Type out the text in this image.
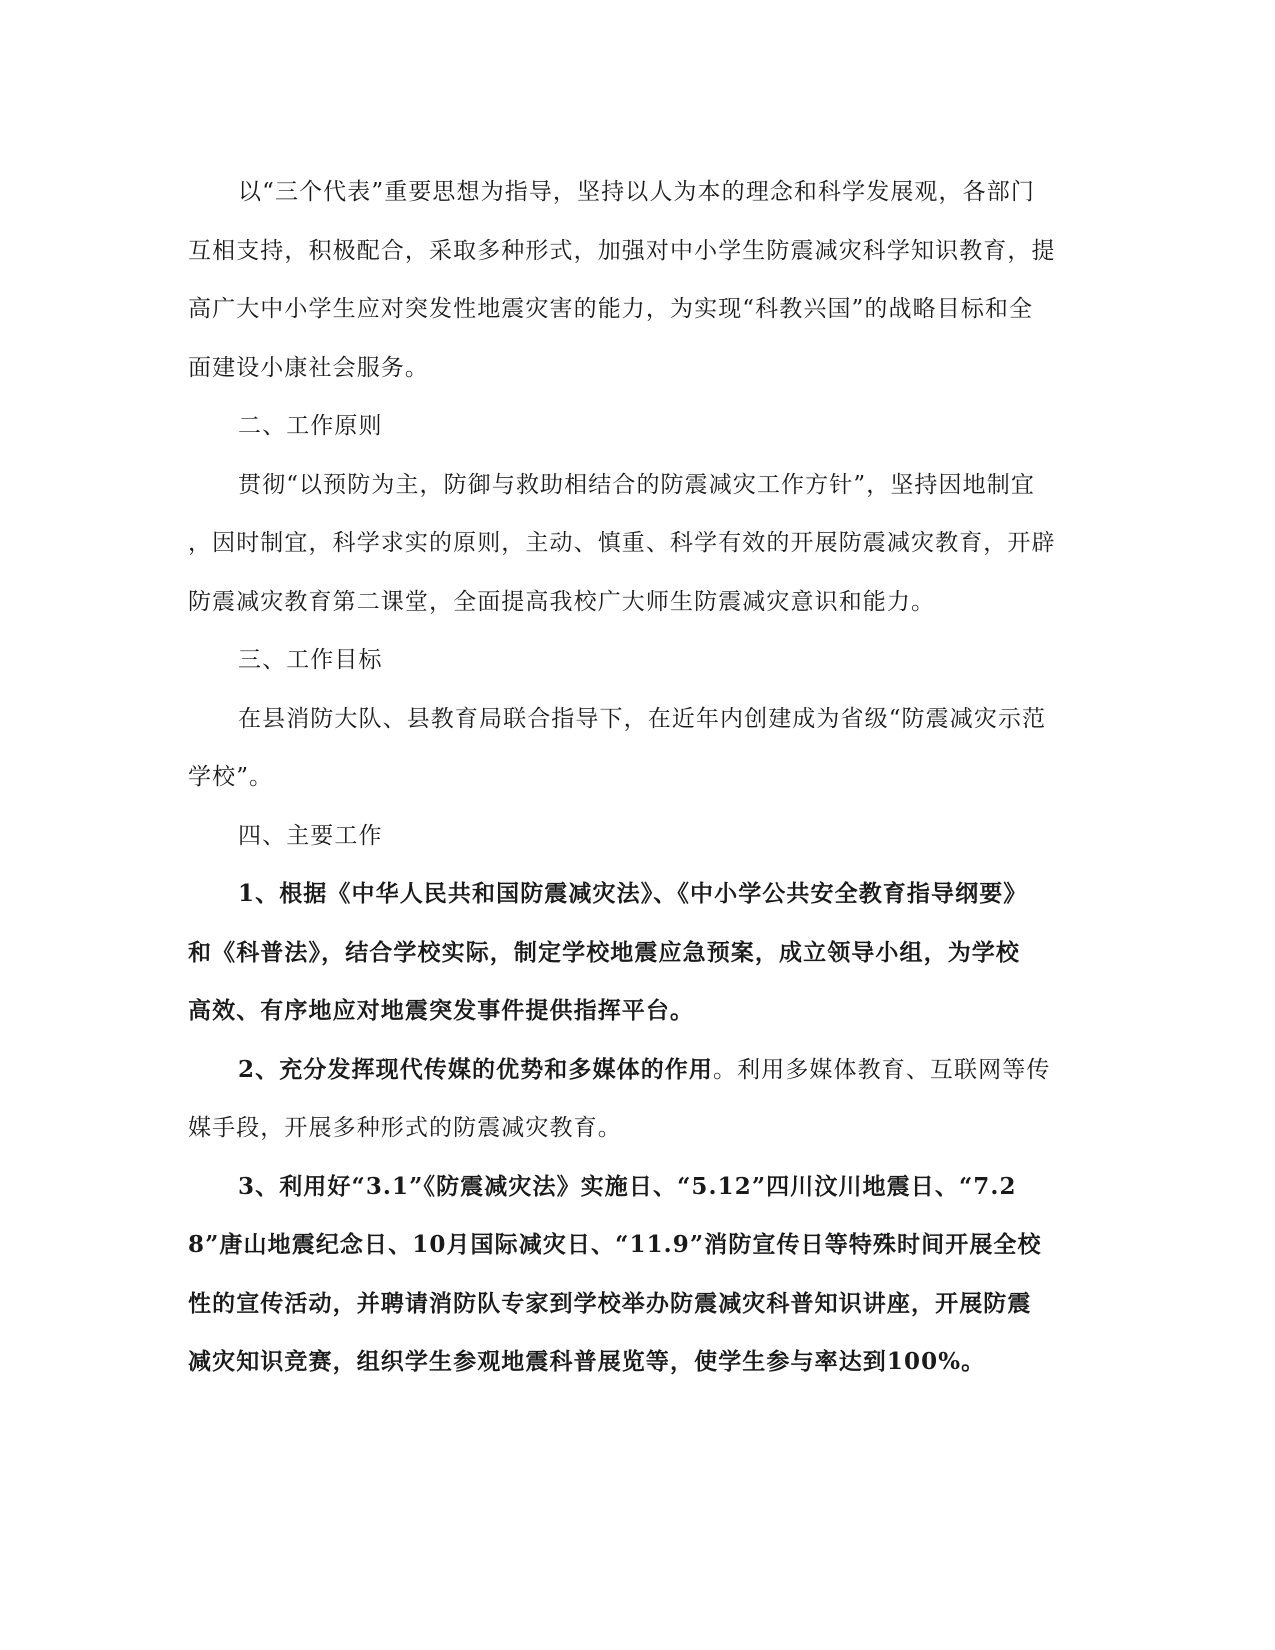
以“三个代表”重要思想为指导，坚持以人为本的理念和科学发展观，各部门
互相支持，积极配合，采取多种形式，加强对中小学生防震减灾科学知识教育，提
高广大中小学生应对突发性地震灾害的能力，为实现“科教兴国”的战略目标和全
面建设小康社会服务。
二、工作原则
贯彻“以预防为主，防御与救助相结合的防震减灾工作方针”，坚持因地制宜
，因时制宜，科学求实的原则，主动、慎重、科学有效的开展防震减灾教育，开辟
防震减灾教育第二课堂，全面提高我校广大师生防震减灾意识和能力。
三、工作目标
在县消防大队、县教育局联合指导下，在近年内创建成为省级“防震减灾示范
学校”。
四、主要工作
1、根据《中华人民共和国防震减灾法》、《中小学公共安全教育指导纲要》
和《科普法》，结合学校实际，制定学校地震应急预案，成立领导小组，为学校
高效、有序地应对地震突发事件提供指挥平台。
2、充分发挥现代传媒的优势和多媒体的作用。利用多媒体教育、互联网等传
媒手段，开展多种形式的防震减灾教育。
3、利用好“3.1”《防震减灾法》实施日、“5.12”四川汶川地震日、“7.2
8”唐山地震纪念日、10月国际减灾日、“11.9”消防宣传日等特殊时间开展全校
性的宣传活动，并聘请消防队专家到学校举办防震减灾科普知识讲座，开展防震
减灾知识竞赛，组织学生参观地震科普展览等，使学生参与率达到100%。
